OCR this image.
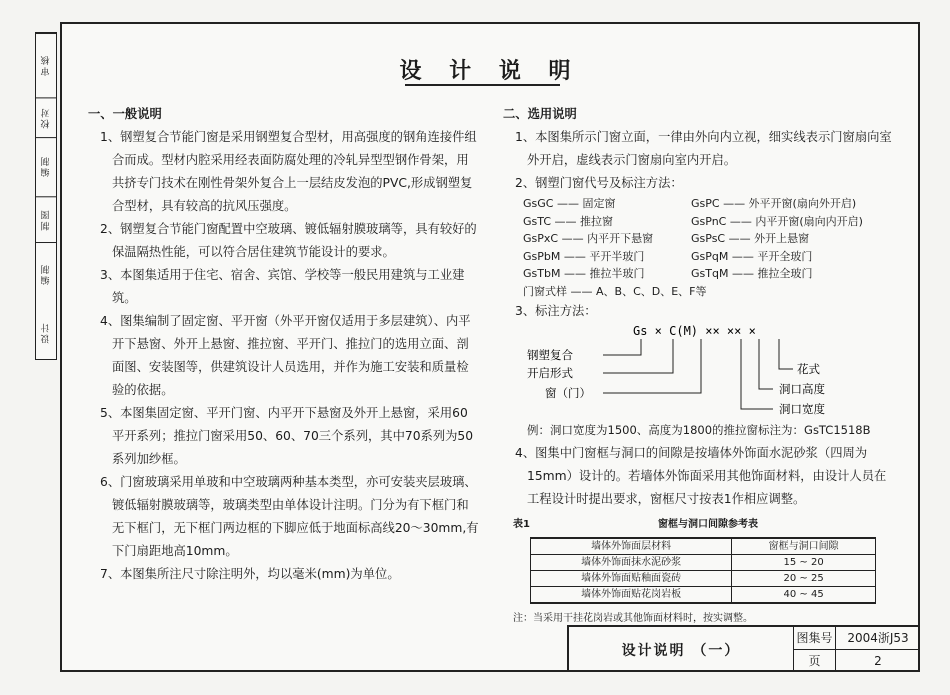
审核
校对
编制
制图
编制
设计
设 计 说 明

一、一般说明

1、钢塑复合节能门窗是采用钢塑复合型材，用高强度的钢角连接件组合而成。型材内腔采用经表面防腐处理的冷轧异型型钢作骨架，用共挤专门技术在刚性骨架外复合上一层结皮发泡的PVC,形成钢塑复合型材，具有较高的抗风压强度。

2、钢塑复合节能门窗配置中空玻璃、镀低辐射膜玻璃等，具有较好的保温隔热性能，可以符合居住建筑节能设计的要求。

3、本图集适用于住宅、宿舍、宾馆、学校等一般民用建筑与工业建筑。

4、图集编制了固定窗、平开窗（外平开窗仅适用于多层建筑）、内平开下悬窗、外开上悬窗、推拉窗、平开门、推拉门的选用立面、剖面图、安装图等，供建筑设计人员选用，并作为施工安装和质量检验的依据。

5、本图集固定窗、平开门窗、内平开下悬窗及外开上悬窗，采用60平开系列；推拉门窗采用50、60、70三个系列，其中70系列为50系列加纱框。

6、门窗玻璃采用单玻和中空玻璃两种基本类型，亦可安装夹层玻璃、镀低辐射膜玻璃等，玻璃类型由单体设计注明。门分为有下框门和无下框门，无下框门两边框的下脚应低于地面标高线20～30mm,有下门扇距地高10mm。

7、本图集所注尺寸除注明外，均以毫米(mm)为单位。

二、选用说明

1、本图集所示门窗立面，一律由外向内立视，细实线表示门窗扇向室外开启，虚线表示门窗扇向室内开启。

2、钢塑门窗代号及标注方法：

GsGC —— 固定窗	GsPC —— 外平开窗(扇向外开启)
GsTC —— 推拉窗	GsPnC —— 内平开窗(扇向内开启)
GsPxC —— 内平开下悬窗	GsPsC —— 外开上悬窗
GsPbM —— 平开半玻门	GsPqM —— 平开全玻门
GsTbM —— 推拉半玻门	GsTqM —— 推拉全玻门
门窗式样 —— A、B、C、D、E、F等

3、标注方法：

Gs × C(M) ×× ×× ×
钢塑复合
开启形式
窗（门）
花式
洞口高度
洞口宽度

例：洞口宽度为1500、高度为1800的推拉窗标注为：GsTC1518B

4、图集中门窗框与洞口的间隙是按墙体外饰面水泥砂浆（四周为15mm）设计的。若墙体外饰面采用其他饰面材料，由设计人员在工程设计时提出要求，窗框尺寸按表1作相应调整。

表1	窗框与洞口间隙参考表
墙体外饰面层材料	窗框与洞口间隙
墙体外饰面抹水泥砂浆	15 ~ 20
墙体外饰面贴釉面瓷砖	20 ~ 25
墙体外饰面贴花岗岩板	40 ~ 45
注：当采用干挂花岗岩或其他饰面材料时，按实调整。
设计说明 （一）
图集号	2004浙J53
页	2
